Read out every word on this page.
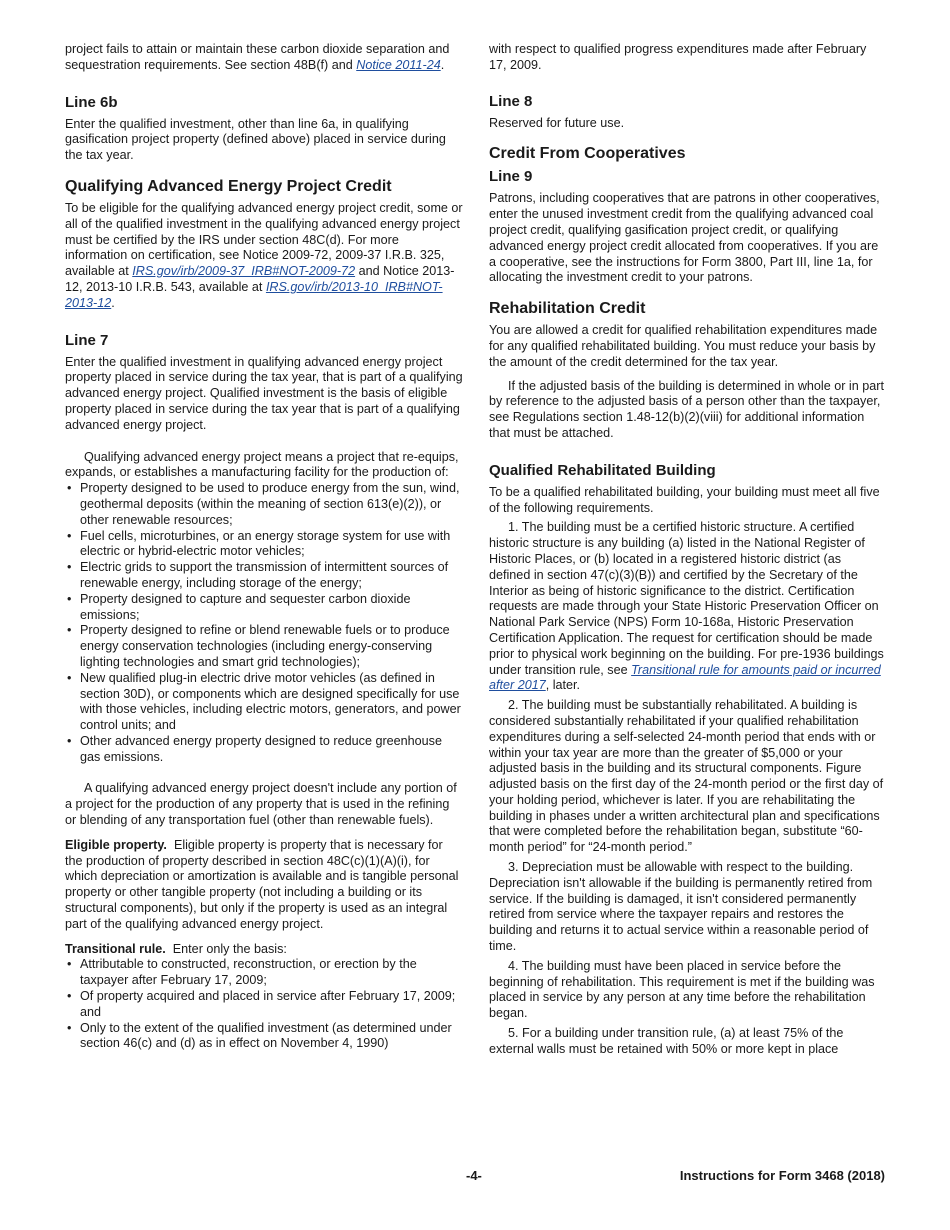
project fails to attain or maintain these carbon dioxide separation and sequestration requirements. See section 48B(f) and Notice 2011-24.

Line 6b

Enter the qualified investment, other than line 6a, in qualifying gasification project property (defined above) placed in service during the tax year.

Qualifying Advanced Energy Project Credit

To be eligible for the qualifying advanced energy project credit, some or all of the qualified investment in the qualifying advanced energy project must be certified by the IRS under section 48C(d). For more information on certification, see Notice 2009-72, 2009-37 I.R.B. 325, available at IRS.gov/irb/2009-37_IRB#NOT-2009-72 and Notice 2013-12, 2013-10 I.R.B. 543, available at IRS.gov/irb/2013-10_IRB#NOT-2013-12.

Line 7

Enter the qualified investment in qualifying advanced energy project property placed in service during the tax year, that is part of a qualifying advanced energy project. Qualified investment is the basis of eligible property placed in service during the tax year that is part of a qualifying advanced energy project.

Qualifying advanced energy project means a project that re-equips, expands, or establishes a manufacturing facility for the production of:

• Property designed to be used to produce energy from the sun, wind, geothermal deposits (within the meaning of section 613(e)(2)), or other renewable resources;
• Fuel cells, microturbines, or an energy storage system for use with electric or hybrid-electric motor vehicles;
• Electric grids to support the transmission of intermittent sources of renewable energy, including storage of the energy;
• Property designed to capture and sequester carbon dioxide emissions;
• Property designed to refine or blend renewable fuels or to produce energy conservation technologies (including energy-conserving lighting technologies and smart grid technologies);
• New qualified plug-in electric drive motor vehicles (as defined in section 30D), or components which are designed specifically for use with those vehicles, including electric motors, generators, and power control units; and
• Other advanced energy property designed to reduce greenhouse gas emissions.

A qualifying advanced energy project doesn't include any portion of a project for the production of any property that is used in the refining or blending of any transportation fuel (other than renewable fuels).

Eligible property. Eligible property is property that is necessary for the production of property described in section 48C(c)(1)(A)(i), for which depreciation or amortization is available and is tangible personal property or other tangible property (not including a building or its structural components), but only if the property is used as an integral part of the qualifying advanced energy project.

Transitional rule. Enter only the basis:

• Attributable to constructed, reconstruction, or erection by the taxpayer after February 17, 2009;
• Of property acquired and placed in service after February 17, 2009; and
• Only to the extent of the qualified investment (as determined under section 46(c) and (d) as in effect on November 4, 1990)

with respect to qualified progress expenditures made after February 17, 2009.

Line 8

Reserved for future use.

Credit From Cooperatives
Line 9

Patrons, including cooperatives that are patrons in other cooperatives, enter the unused investment credit from the qualifying advanced coal project credit, qualifying gasification project credit, or qualifying advanced energy project credit allocated from cooperatives. If you are a cooperative, see the instructions for Form 3800, Part III, line 1a, for allocating the investment credit to your patrons.

Rehabilitation Credit

You are allowed a credit for qualified rehabilitation expenditures made for any qualified rehabilitated building. You must reduce your basis by the amount of the credit determined for the tax year.

If the adjusted basis of the building is determined in whole or in part by reference to the adjusted basis of a person other than the taxpayer, see Regulations section 1.48-12(b)(2)(viii) for additional information that must be attached.

Qualified Rehabilitated Building

To be a qualified rehabilitated building, your building must meet all five of the following requirements.

1. The building must be a certified historic structure. A certified historic structure is any building (a) listed in the National Register of Historic Places, or (b) located in a registered historic district (as defined in section 47(c)(3)(B)) and certified by the Secretary of the Interior as being of historic significance to the district. Certification requests are made through your State Historic Preservation Officer on National Park Service (NPS) Form 10-168a, Historic Preservation Certification Application. The request for certification should be made prior to physical work beginning on the building. For pre-1936 buildings under transition rule, see Transitional rule for amounts paid or incurred after 2017, later.

2. The building must be substantially rehabilitated. A building is considered substantially rehabilitated if your qualified rehabilitation expenditures during a self-selected 24-month period that ends with or within your tax year are more than the greater of $5,000 or your adjusted basis in the building and its structural components. Figure adjusted basis on the first day of the 24-month period or the first day of your holding period, whichever is later. If you are rehabilitating the building in phases under a written architectural plan and specifications that were completed before the rehabilitation began, substitute “60-month period” for “24-month period.”

3. Depreciation must be allowable with respect to the building. Depreciation isn't allowable if the building is permanently retired from service. If the building is damaged, it isn't considered permanently retired from service where the taxpayer repairs and restores the building and returns it to actual service within a reasonable period of time.

4. The building must have been placed in service before the beginning of rehabilitation. This requirement is met if the building was placed in service by any person at any time before the rehabilitation began.

5. For a building under transition rule, (a) at least 75% of the external walls must be retained with 50% or more kept in place

-4-	Instructions for Form 3468 (2018)
